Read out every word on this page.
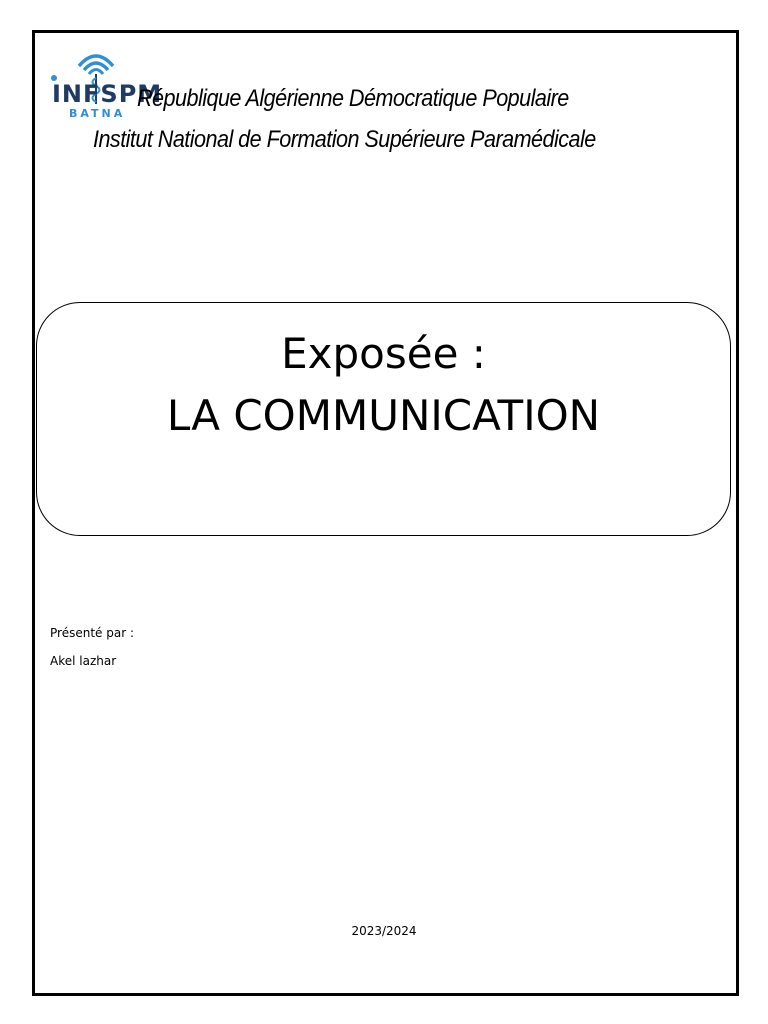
INFSPM
BATNA
République Algérienne Démocratique Populaire
Institut National de Formation Supérieure Paramédicale
Exposée :
LA COMMUNICATION
Présenté par :
Akel lazhar
2023/2024
